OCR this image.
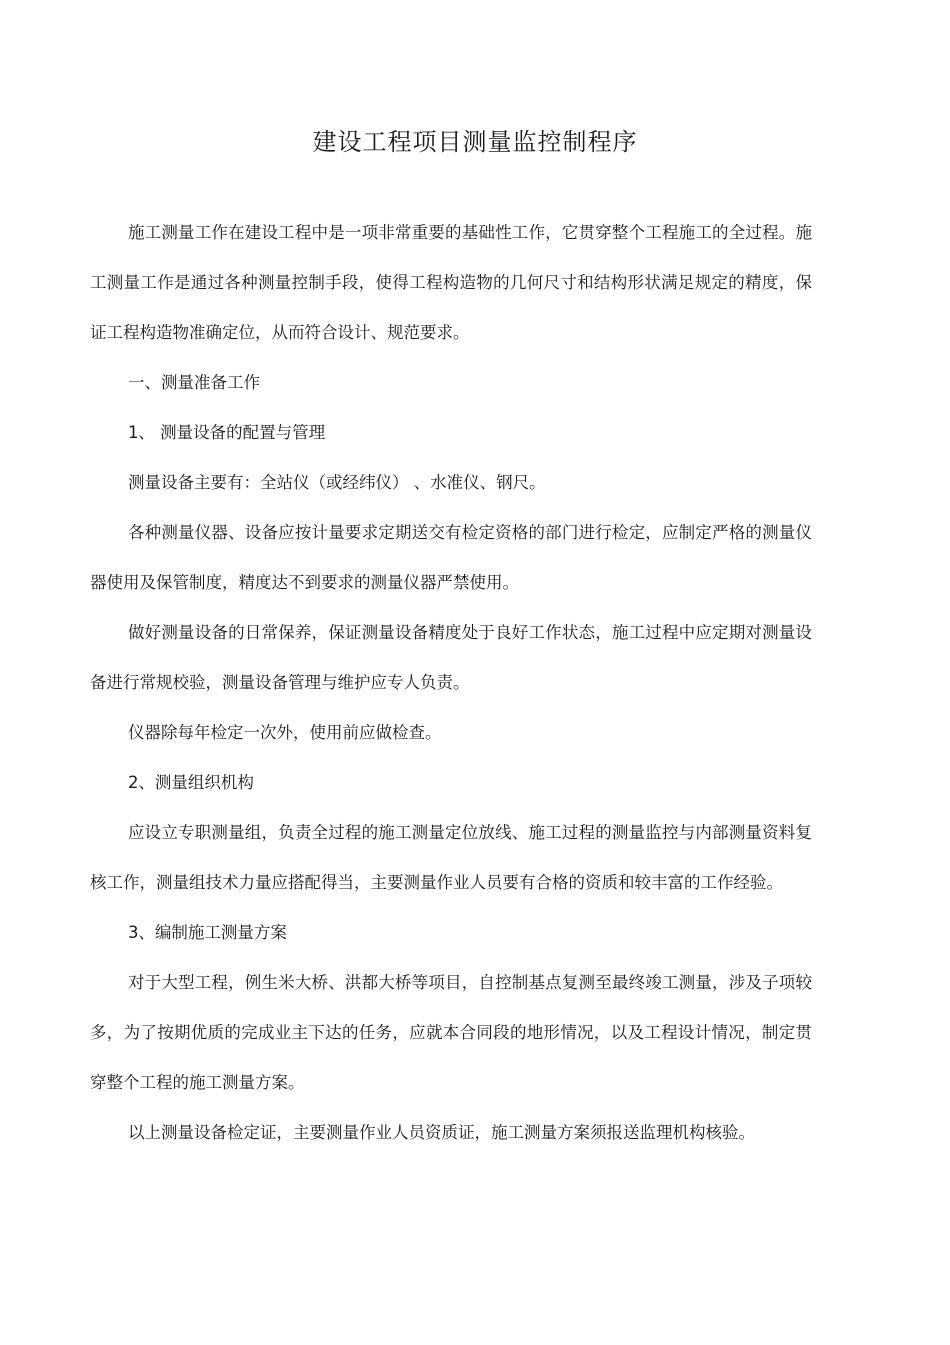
建设工程项目测量监控制程序

施工测量工作在建设工程中是一项非常重要的基础性工作，它贯穿整个工程施工的全过程。施工测量工作是通过各种测量控制手段，使得工程构造物的几何尺寸和结构形状满足规定的精度，保证工程构造物准确定位，从而符合设计、规范要求。

一、测量准备工作

1、 测量设备的配置与管理

测量设备主要有：全站仪（或经纬仪） 、水准仪、钢尺。

各种测量仪器、设备应按计量要求定期送交有检定资格的部门进行检定，应制定严格的测量仪器使用及保管制度，精度达不到要求的测量仪器严禁使用。

做好测量设备的日常保养，保证测量设备精度处于良好工作状态，施工过程中应定期对测量设备进行常规校验，测量设备管理与维护应专人负责。

仪器除每年检定一次外，使用前应做检查。

2、测量组织机构

应设立专职测量组，负责全过程的施工测量定位放线、施工过程的测量监控与内部测量资料复核工作，测量组技术力量应搭配得当，主要测量作业人员要有合格的资质和较丰富的工作经验。

3、编制施工测量方案

对于大型工程，例生米大桥、洪都大桥等项目，自控制基点复测至最终竣工测量，涉及子项较多，为了按期优质的完成业主下达的任务，应就本合同段的地形情况，以及工程设计情况，制定贯穿整个工程的施工测量方案。

以上测量设备检定证，主要测量作业人员资质证，施工测量方案须报送监理机构核验。
